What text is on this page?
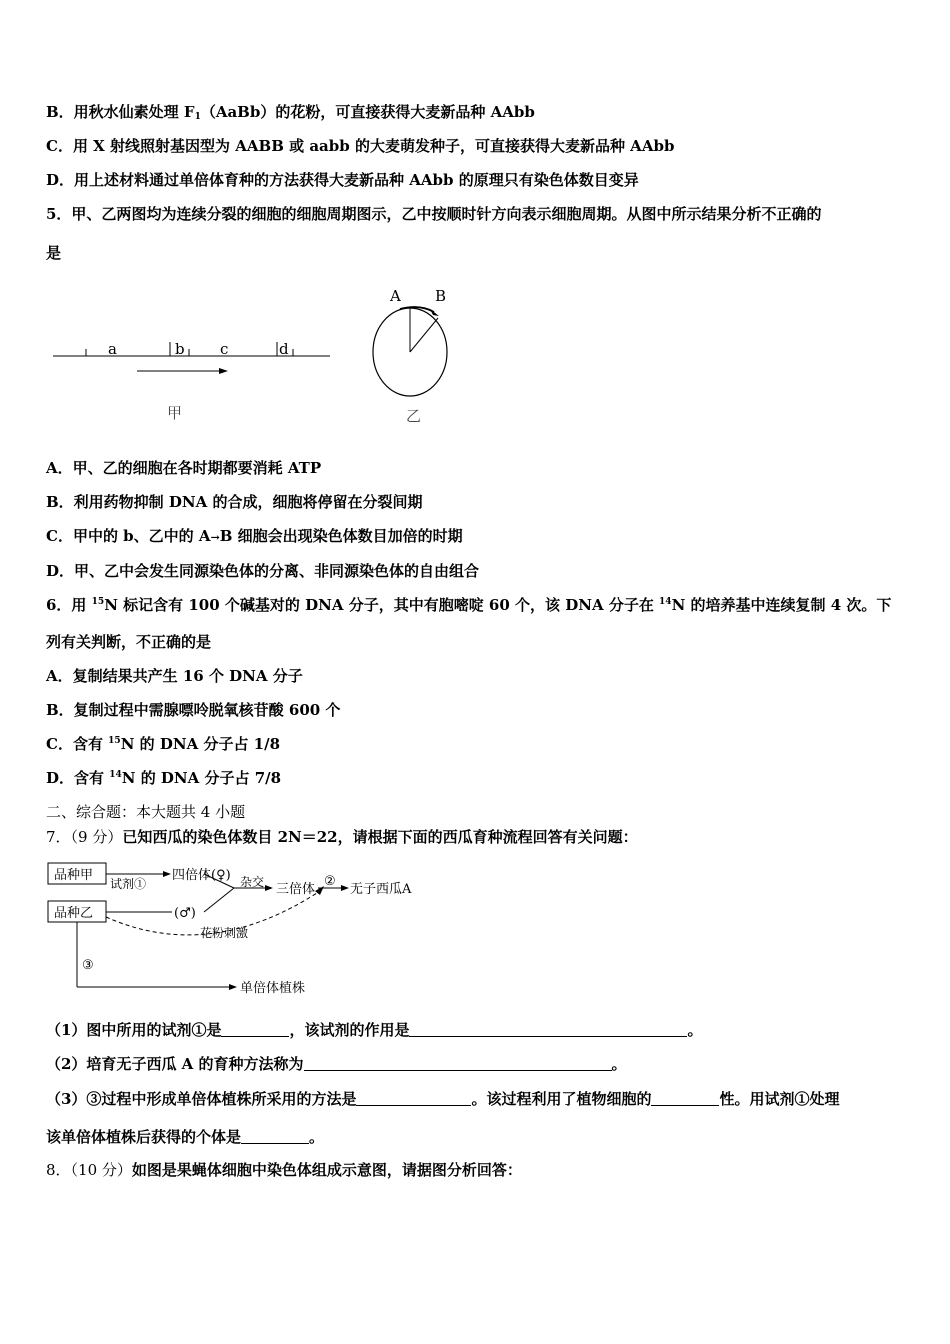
B．用秋水仙素处理 $F_1(AaBb)$的花粉，可直接获得大麦新品种 AAbb
C．用 X 射线照射基因型为 AABB 或 aabb 的大麦萌发种子，可直接获得大麦新品种 AAbb
D．用上述材料通过单倍体育种的方法获得大麦新品种 AAbb 的原理只有染色体数目变异
5．甲、乙两图均为连续分裂的细胞的细胞周期图示，乙中按顺时针方向表示细胞周期。从图中所示结果分析不正确的
是
a	b c	d
甲
A B
乙
A．甲、乙的细胞在各时期都要消耗 ATP
B．利用药物抑制 DNA 的合成，细胞将停留在分裂间期
C．甲中的 b、乙中的 A→B 细胞会出现染色体数目加倍的时期
D．甲、乙中会发生同源染色体的分离、非同源染色体的自由组合
6．用 $^{15}$N 标记含有 100 个碱基对的 DNA 分子，其中有胞嘧啶 60 个，该 DNA 分子在 $^{14}$N 的培养基中连续复制 4 次。下
列有关判断，不正确的是
A．复制结果共产生 16 个 DNA 分子
B．复制过程中需腺嘌呤脱氧核苷酸 600 个
C．含有 $^{15}$N 的 DNA 分子占 1/8
D．含有 $^{14}$N 的 DNA 分子占 7/8
二、综合题：本大题共 4 小题
7．（9 分）已知西瓜的染色体数目 2N＝22，请根据下面的西瓜育种流程回答有关问题：
品种甲
品种乙
试剂①
四倍体(♀)
(♂)
杂交 三倍体
②
无子西瓜A
花粉刺激
③
单倍体植株
（1）图中所用的试剂①是	，该试剂的作用是	。
（2）培育无子西瓜 A 的育种方法称为	。
（3）③过程中形成单倍体植株所采用的方法是	。该过程利用了植物细胞的	性。用试剂①处理
该单倍体植株后获得的个体是	。
8．（10 分）如图是果蝇体细胞中染色体组成示意图，请据图分析回答：
